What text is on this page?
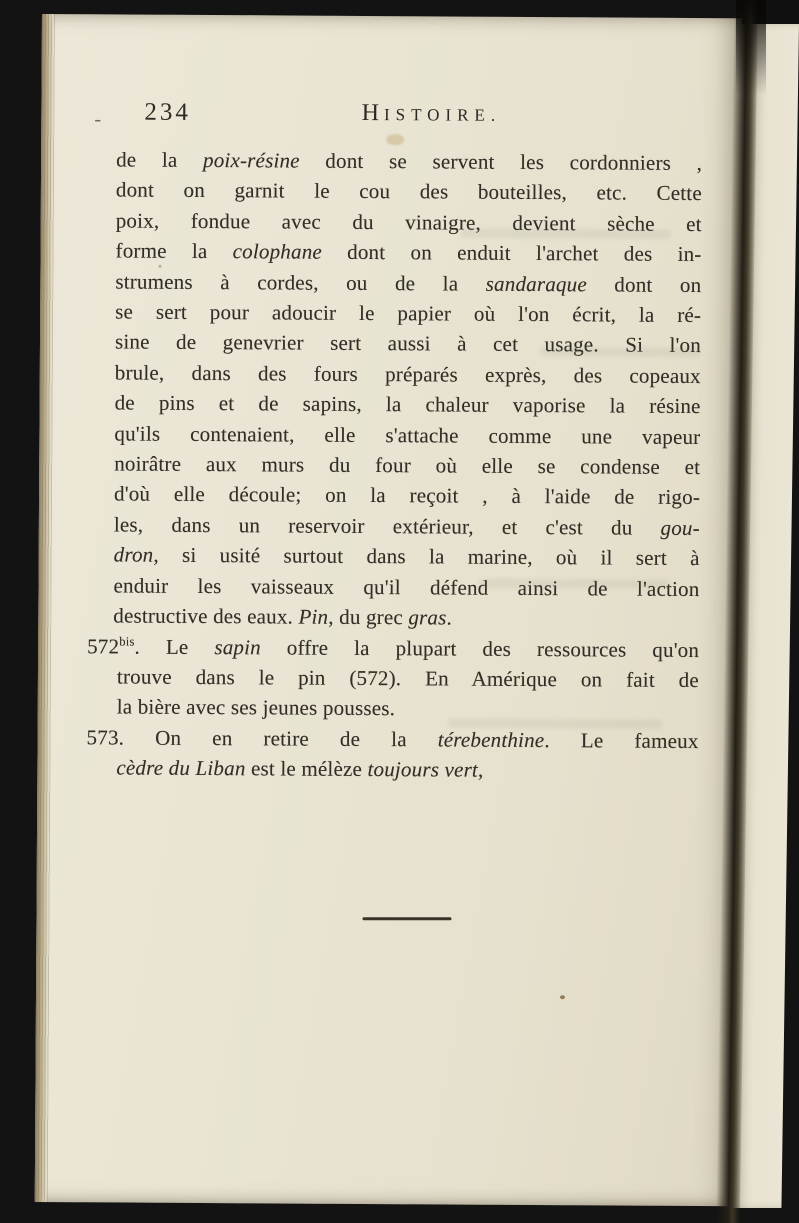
- 234	HISTOIRE.
de la poix-résine dont se servent les cordonniers ,
dont on garnit le cou des bouteilles, etc. Cette
poix, fondue avec du vinaigre, devient sèche et
forme la colophane dont on enduit l'archet des in-
strumens à cordes, ou de la sandaraque dont on
se sert pour adoucir le papier où l'on écrit, la ré-
sine de genevrier sert aussi à cet usage. Si l'on
brule, dans des fours préparés exprès, des copeaux
de pins et de sapins, la chaleur vaporise la résine
qu'ils contenaient, elle s'attache comme une vapeur
noirâtre aux murs du four où elle se condense et
d'où elle découle; on la reçoit , à l'aide de rigo-
les, dans un reservoir extérieur, et c'est du gou-
dron, si usité surtout dans la marine, où il sert à
enduir les vaisseaux qu'il défend ainsi de l'action
destructive des eaux. Pin, du grec gras.
$572^{bis}$. Le sapin offre la plupart des ressources qu'on
trouve dans le pin (572). En Amérique on fait de
la bière avec ses jeunes pousses.
573. On en retire de la térebenthine. Le fameux
cèdre du Liban est le mélèze toujours vert,
